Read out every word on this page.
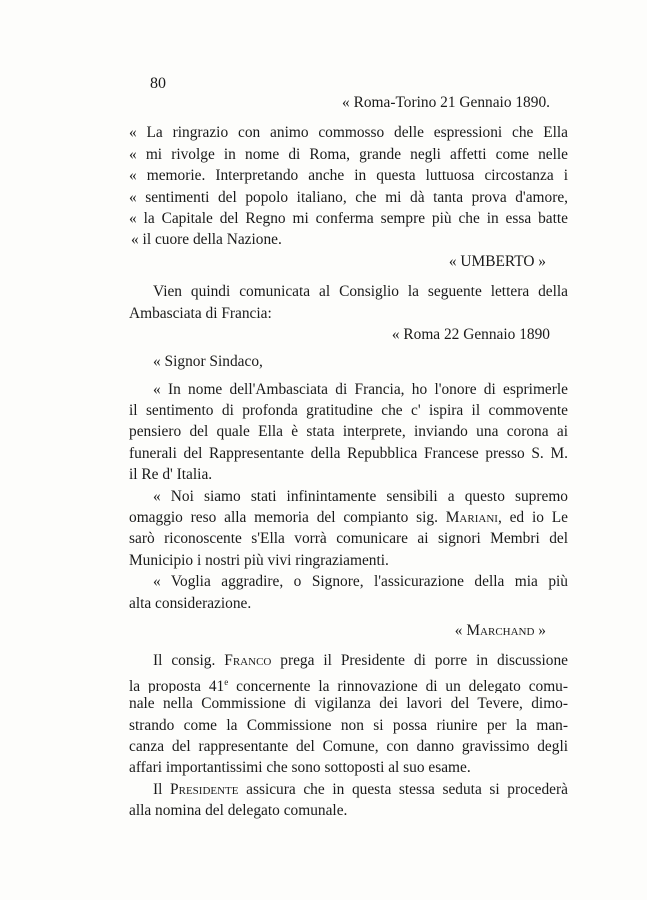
80
« Roma-Torino 21 Gennaio 1890.
« La ringrazio con animo commosso delle espressioni che Ella
« mi rivolge in nome di Roma, grande negli affetti come nelle
« memorie. Interpretando anche in questa luttuosa circostanza i
« sentimenti del popolo italiano, che mi dà tanta prova d'amore,
« la Capitale del Regno mi conferma sempre più che in essa batte
« il cuore della Nazione.
« UMBERTO »
Vien quindi comunicata al Consiglio la seguente lettera della
Ambasciata di Francia:
« Roma 22 Gennaio 1890
« Signor Sindaco,
« In nome dell'Ambasciata di Francia, ho l'onore di esprimerle
il sentimento di profonda gratitudine che c' ispira il commovente
pensiero del quale Ella è stata interprete, inviando una corona ai
funerali del Rappresentante della Repubblica Francese presso S. M.
il Re d' Italia.
« Noi siamo stati infinintamente sensibili a questo supremo
omaggio reso alla memoria del compianto sig. Mariani, ed io Le
sarò riconoscente s'Ella vorrà comunicare ai signori Membri del
Municipio i nostri più vivi ringraziamenti.
« Voglia aggradire, o Signore, l'assicurazione della mia più
alta considerazione.
« Marchand »
Il consig. Franco prega il Presidente di porre in discussione
la proposta 41e concernente la rinnovazione di un delegato comu-
nale nella Commissione di vigilanza dei lavori del Tevere, dimo-
strando come la Commissione non si possa riunire per la man-
canza del rappresentante del Comune, con danno gravissimo degli
affari importantissimi che sono sottoposti al suo esame.
Il Presidente assicura che in questa stessa seduta si procederà
alla nomina del delegato comunale.
